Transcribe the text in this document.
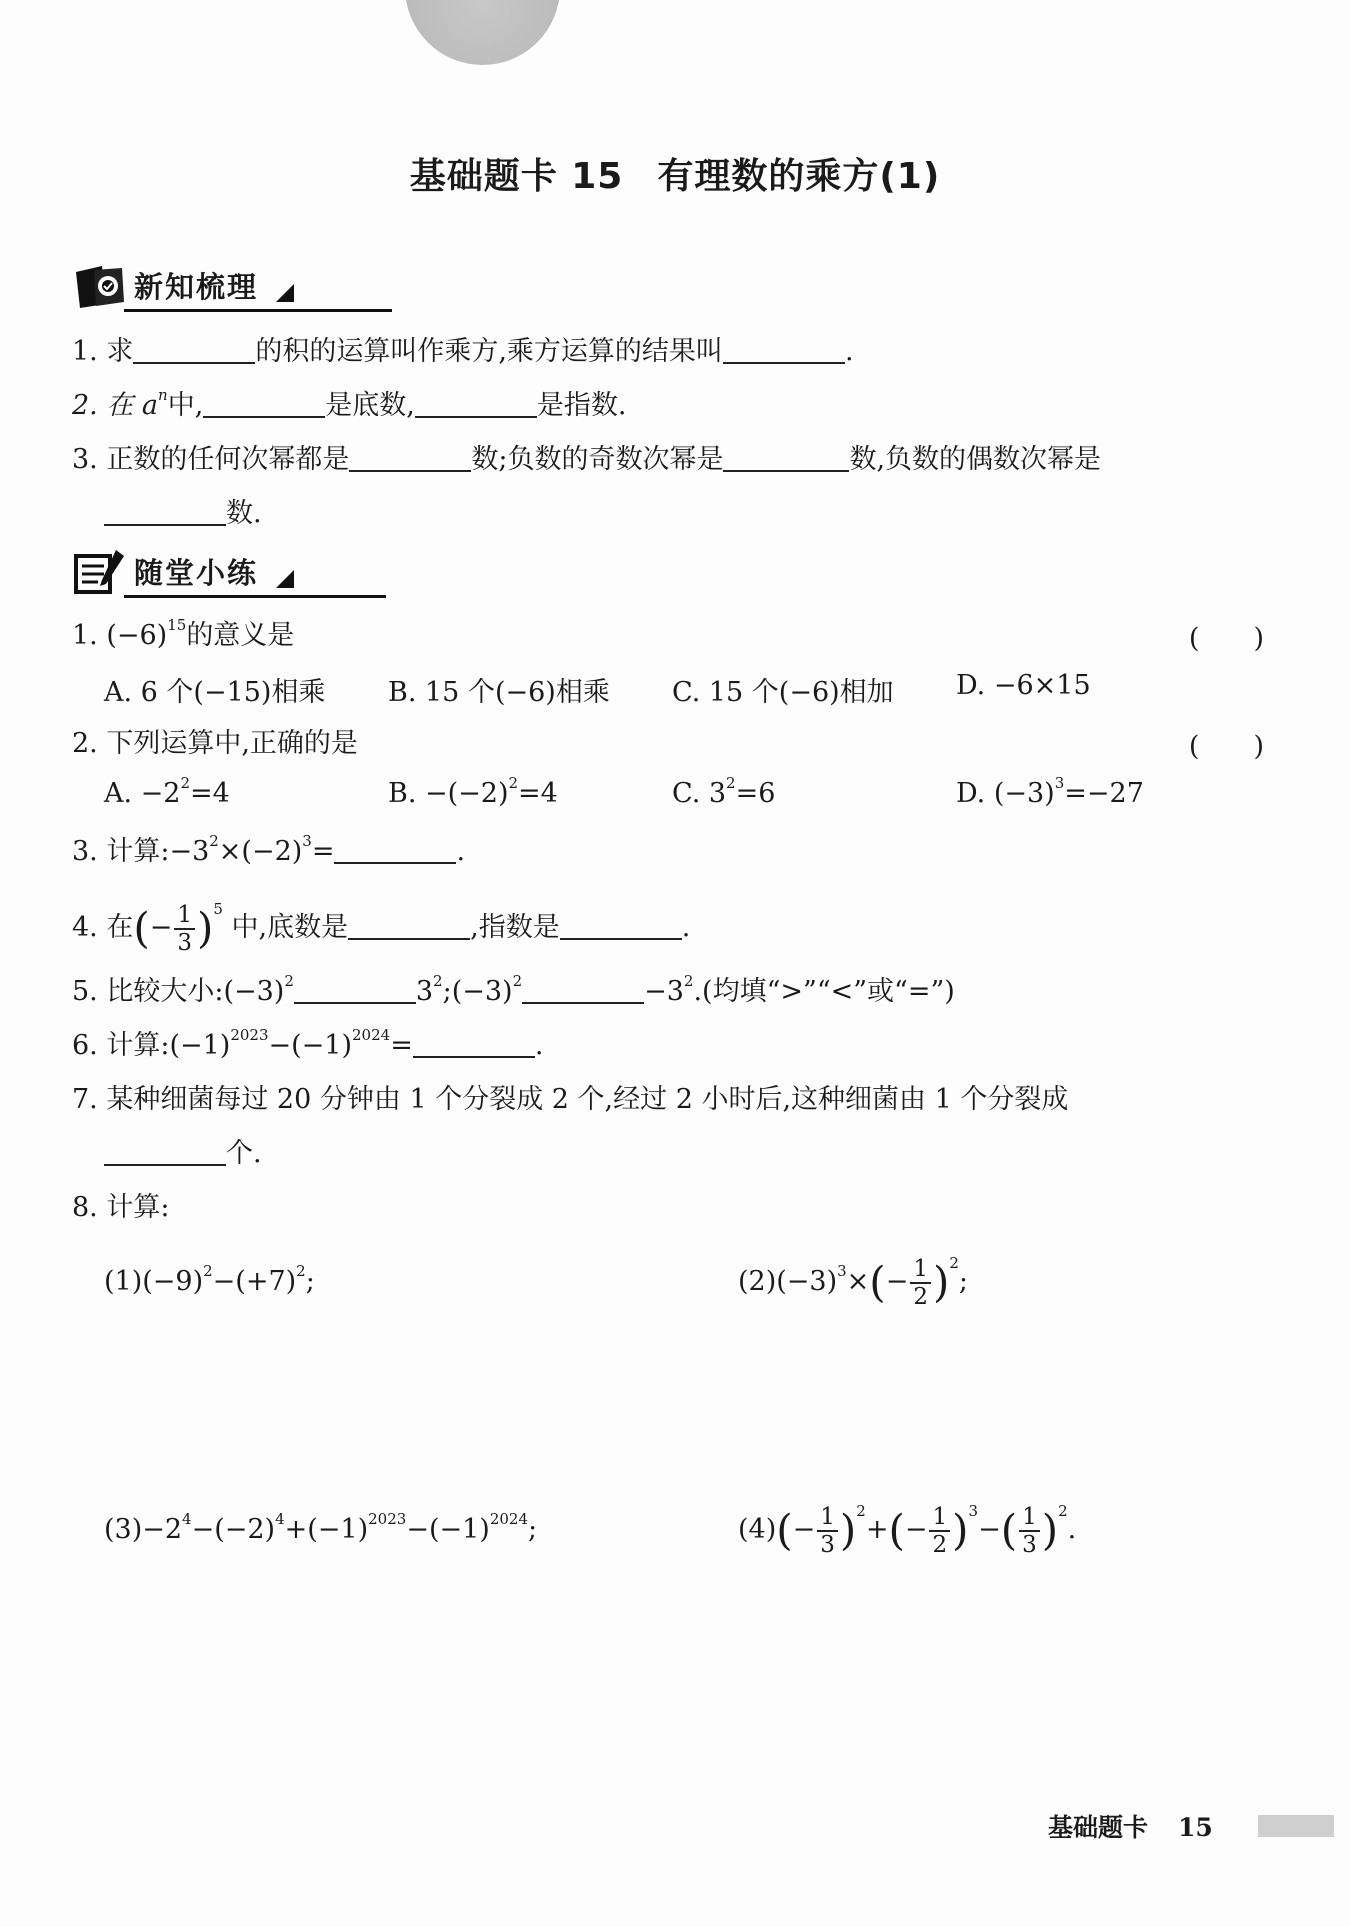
基础题卡 15 有理数的乘方(1)
新知梳理
1. 求	的积的运算叫作乘方,乘方运算的结果叫	.
2. 在 $a^n$中,	是底数,	是指数.
3. 正数的任何次幂都是	数;负数的奇数次幂是	数,负数的偶数次幂是
数.
随堂小练
1. $(-6)^{15}$的意义是	(　　)
A. 6 个(−15)相乘 B. 15 个(−6)相乘 C. 15 个(−6)相加 D. −6×15
2. 下列运算中,正确的是	(　　)
A. $-2^2=4$	B. $-(-2)^2=4$	C. $3^2=6$	D. $(-3)^3=-27$
3. 计算$:-3^2\times(-2)^3=$	.
4. 在(− $\frac{1}{3} )^5$ 中,底数是	,指数是	.
5. 比较大小$:(-3)^2$	$3^2;(-3)^2$	$-3^2$.(均填“>”“<”或“=”)
6. 计算$:(-1)^{2023}-(-1)^{2024}=$	.
7. 某种细菌每过 20 分钟由 1 个分裂成 2 个,经过 2 小时后,这种细菌由 1 个分裂成
个.
8. 计算:
$(1)(-9)^2-(+7)^2$;	$(2)(-3)^3\times(- \frac{1}{2} )^2$;
$(3)-2^4-(-2)^4+(-1)^{2023}-(-1)^{2024}$;	$(4)(- \frac{1}{3} )^2+(- \frac{1}{2} )^3-( \frac{1}{3} )^2$.
基础题卡 15
